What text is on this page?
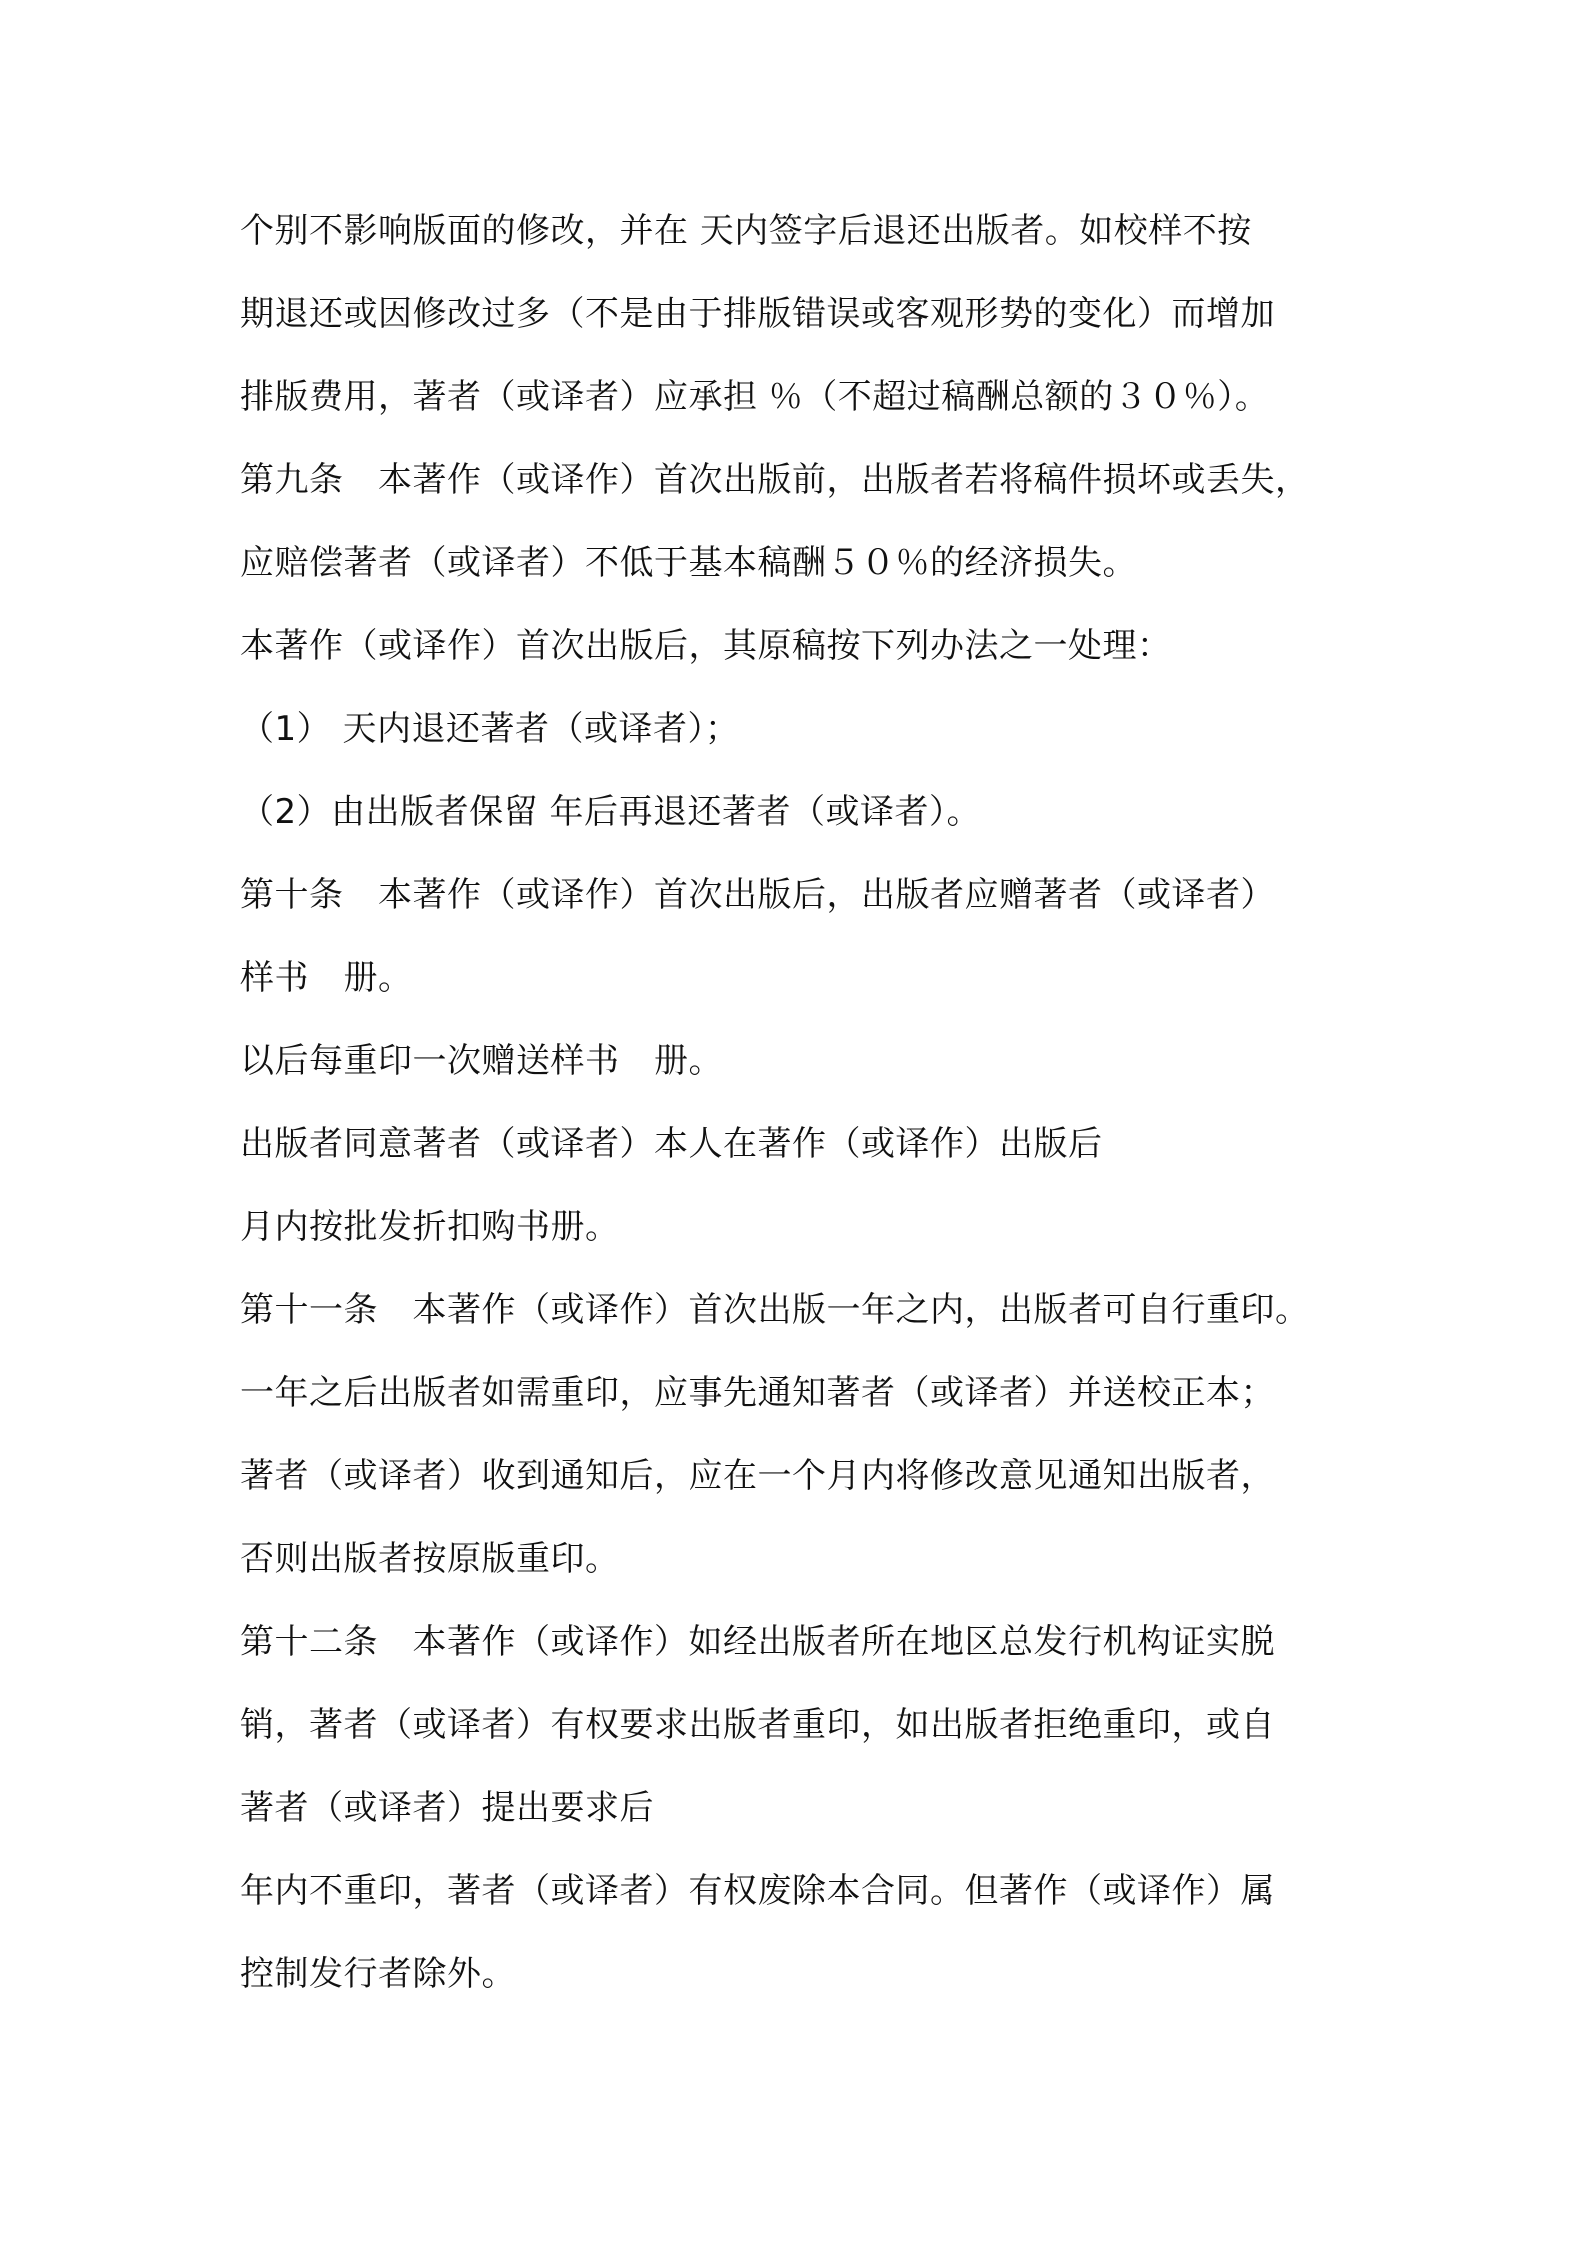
个别不影响版面的修改，并在 天内签字后退还出版者。如校样不按
期退还或因修改过多（不是由于排版错误或客观形势的变化）而增加
排版费用，著者（或译者）应承担 ％（不超过稿酬总额的３０％）。
第九条　本著作（或译作）首次出版前，出版者若将稿件损坏或丢失，
应赔偿著者（或译者）不低于基本稿酬５０％的经济损失。
本著作（或译作）首次出版后，其原稿按下列办法之一处理：
（1） 天内退还著者（或译者）；
（2）由出版者保留 年后再退还著者（或译者）。
第十条　本著作（或译作）首次出版后，出版者应赠著者（或译者）
样书　册。
以后每重印一次赠送样书　册。
出版者同意著者（或译者）本人在著作（或译作）出版后
月内按批发折扣购书册。
第十一条　本著作（或译作）首次出版一年之内，出版者可自行重印。
一年之后出版者如需重印，应事先通知著者（或译者）并送校正本；
著者（或译者）收到通知后，应在一个月内将修改意见通知出版者，
否则出版者按原版重印。
第十二条　本著作（或译作）如经出版者所在地区总发行机构证实脱
销，著者（或译者）有权要求出版者重印，如出版者拒绝重印，或自
著者（或译者）提出要求后
年内不重印，著者（或译者）有权废除本合同。但著作（或译作）属
控制发行者除外。
